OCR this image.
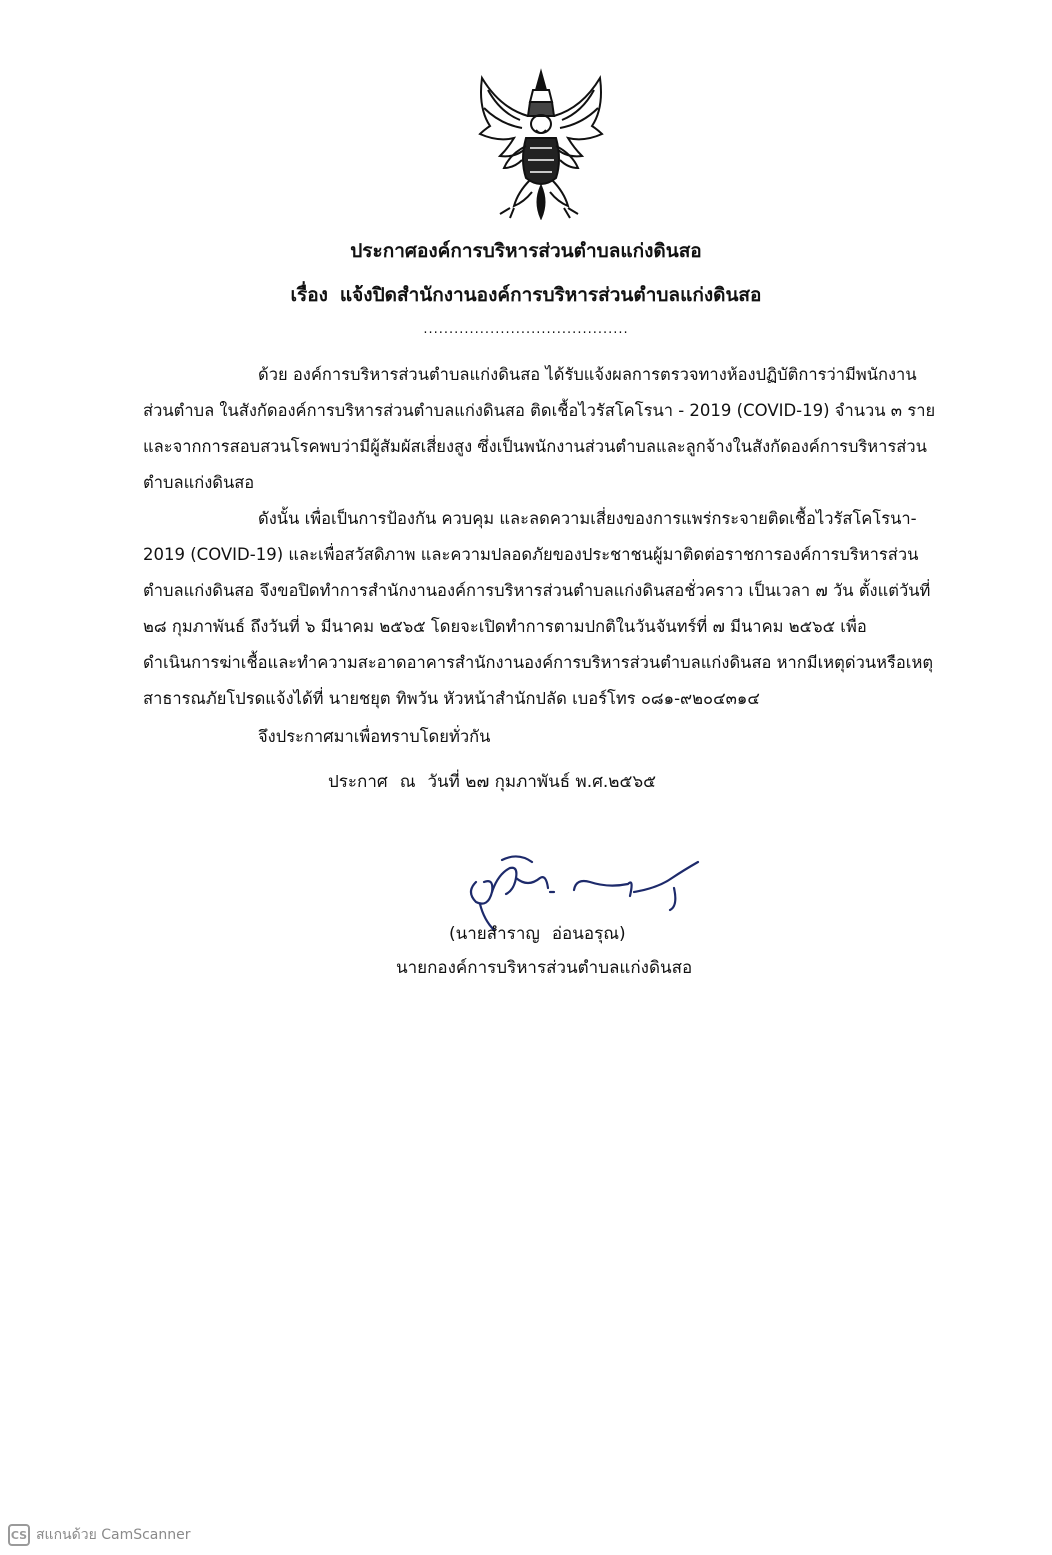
ประกาศองค์การบริหารส่วนตำบลแก่งดินสอ
เรื่อง แจ้งปิดสำนักงานองค์การบริหารส่วนตำบลแก่งดินสอ
........................................
ด้วย องค์การบริหารส่วนตำบลแก่งดินสอ ได้รับแจ้งผลการตรวจทางห้องปฏิบัติการว่ามีพนักงาน
ส่วนตำบล ในสังกัดองค์การบริหารส่วนตำบลแก่งดินสอ ติดเชื้อไวรัสโคโรนา - 2019 (COVID-19) จำนวน ๓ ราย
และจากการสอบสวนโรคพบว่ามีผู้สัมผัสเสี่ยงสูง ซึ่งเป็นพนักงานส่วนตำบลและลูกจ้างในสังกัดองค์การบริหารส่วน
ตำบลแก่งดินสอ
ดังนั้น เพื่อเป็นการป้องกัน ควบคุม และลดความเสี่ยงของการแพร่กระจายติดเชื้อไวรัสโคโรนา-
2019 (COVID-19) และเพื่อสวัสดิภาพ และความปลอดภัยของประชาชนผู้มาติดต่อราชการองค์การบริหารส่วน
ตำบลแก่งดินสอ จึงขอปิดทำการสำนักงานองค์การบริหารส่วนตำบลแก่งดินสอชั่วคราว เป็นเวลา ๗ วัน ตั้งแต่วันที่
๒๘ กุมภาพันธ์ ถึงวันที่ ๖ มีนาคม ๒๕๖๕ โดยจะเปิดทำการตามปกติในวันจันทร์ที่ ๗ มีนาคม ๒๕๖๕ เพื่อ
ดำเนินการฆ่าเชื้อและทำความสะอาดอาคารสำนักงานองค์การบริหารส่วนตำบลแก่งดินสอ หากมีเหตุด่วนหรือเหตุ
สาธารณภัยโปรดแจ้งได้ที่ นายชยุต ทิพวัน หัวหน้าสำนักปลัด เบอร์โทร ๐๘๑-๙๒๐๔๓๑๔
จึงประกาศมาเพื่อทราบโดยทั่วกัน
ประกาศ ณ วันที่ ๒๗ กุมภาพันธ์ พ.ศ.๒๕๖๕
(นายสำราญ อ่อนอรุณ)
นายกองค์การบริหารส่วนตำบลแก่งดินสอ
CS สแกนด้วย CamScanner
